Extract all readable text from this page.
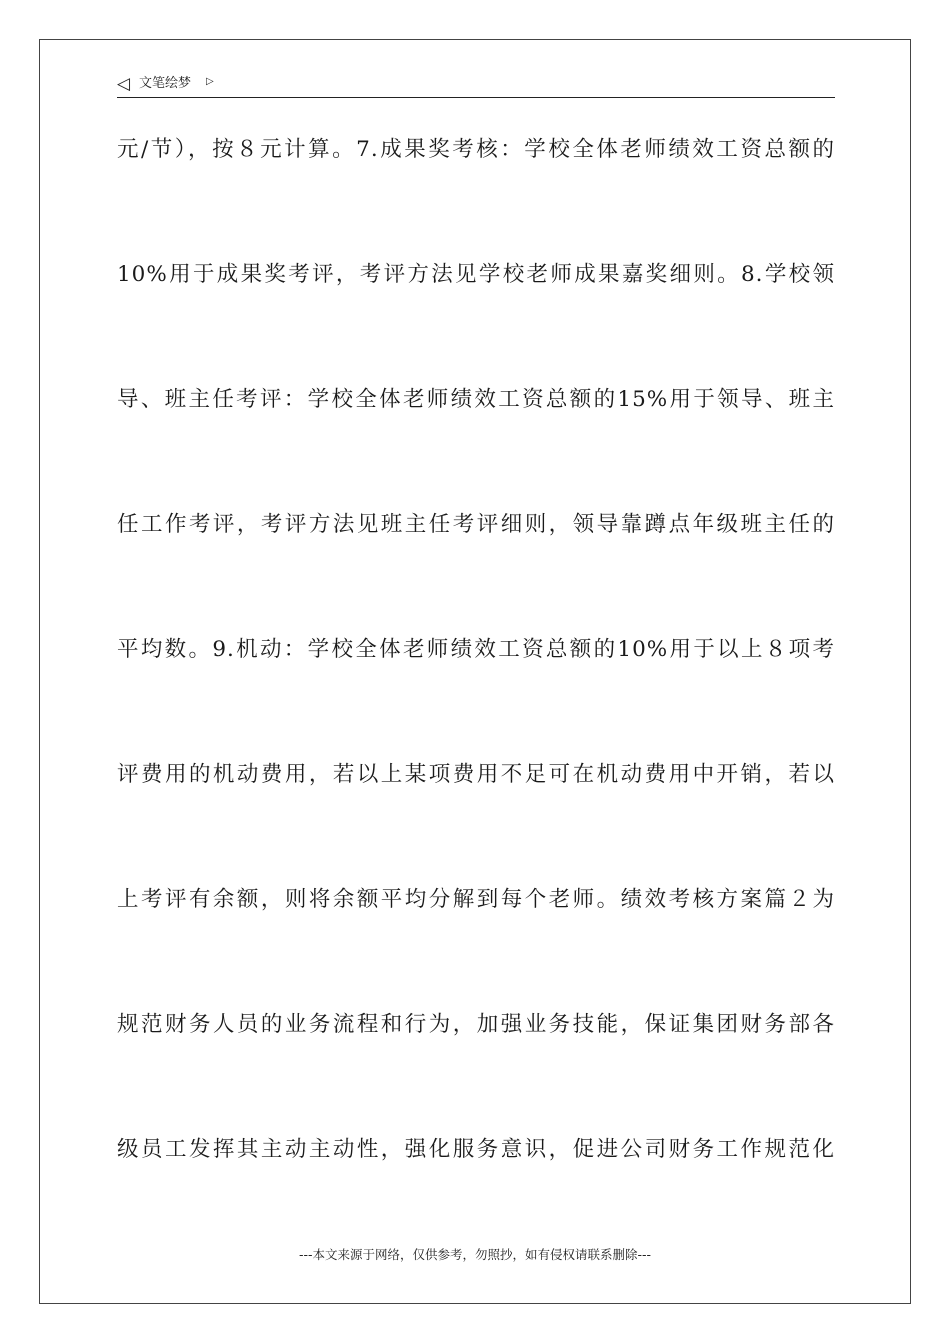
◁ 文笔绘梦 ▷
元/节），按８元计算。7.成果奖考核：学校全体老师绩效工资总额的
10%用于成果奖考评，考评方法见学校老师成果嘉奖细则。8.学校领
导、班主任考评：学校全体老师绩效工资总额的15%用于领导、班主
任工作考评，考评方法见班主任考评细则，领导靠蹲点年级班主任的
平均数。9.机动：学校全体老师绩效工资总额的10%用于以上８项考
评费用的机动费用，若以上某项费用不足可在机动费用中开销，若以
上考评有余额，则将余额平均分解到每个老师。绩效考核方案篇２为
规范财务人员的业务流程和行为，加强业务技能，保证集团财务部各
级员工发挥其主动主动性，强化服务意识，促进公司财务工作规范化
---本文来源于网络，仅供参考，勿照抄，如有侵权请联系删除---
